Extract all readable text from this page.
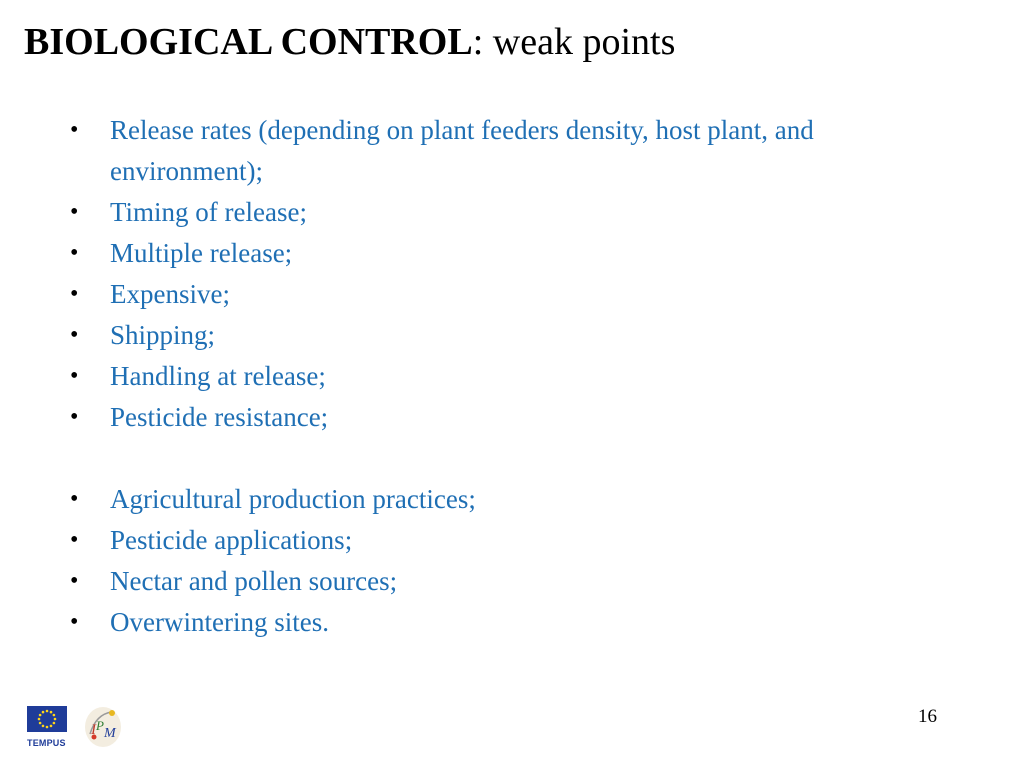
BIOLOGICAL CONTROL: weak points
• Release rates (depending on plant feeders density, host plant, and environment);
• Timing of release;
• Multiple release;
• Expensive;
• Shipping;
• Handling at release;
• Pesticide resistance;
• Agricultural production practices;
• Pesticide applications;
• Nectar and pollen sources;
• Overwintering sites.
TEMPUS
I P
M
16
